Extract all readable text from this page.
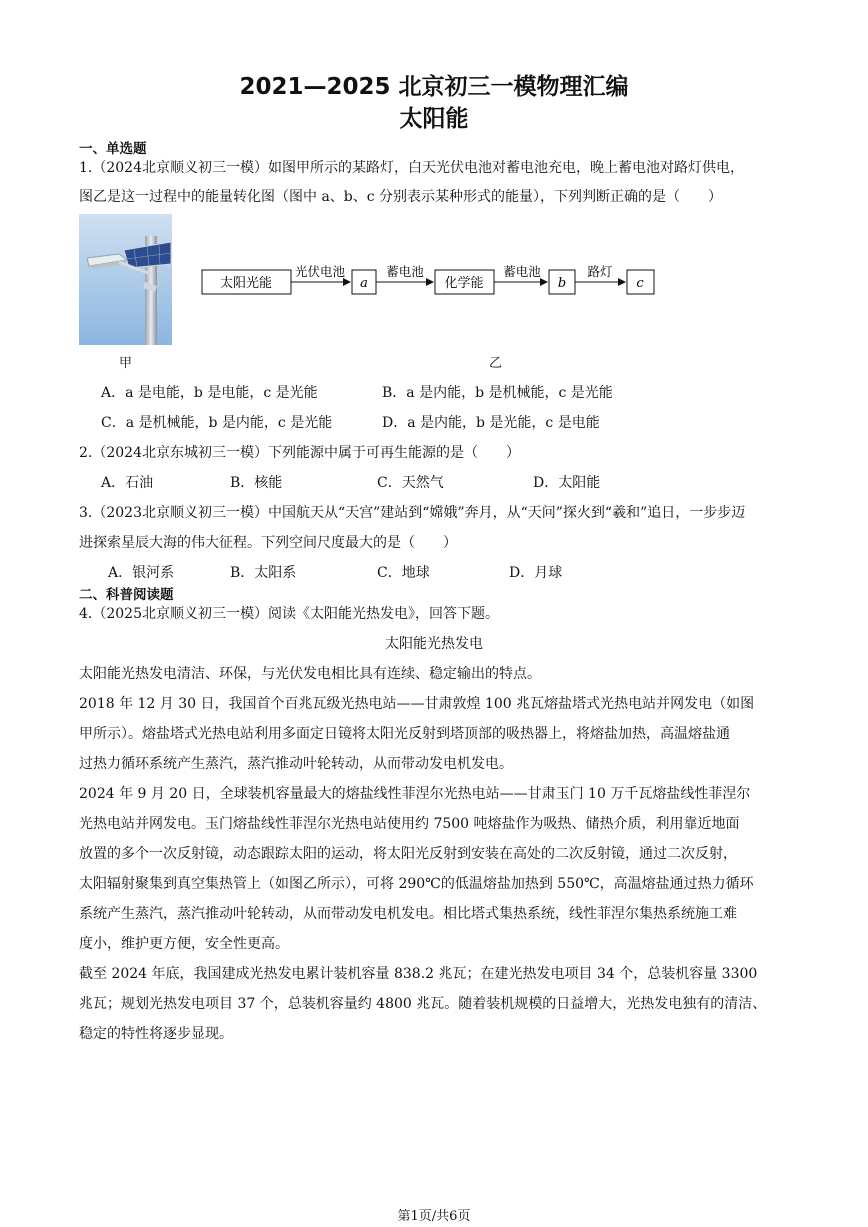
2021—2025 北京初三一模物理汇编
太阳能
一、单选题
1.（2024北京顺义初三一模）如图甲所示的某路灯，白天光伏电池对蓄电池充电，晚上蓄电池对路灯供电，
图乙是这一过程中的能量转化图（图中 a、b、c 分别表示某种形式的能量），下列判断正确的是（　　）
甲	乙
太阳光能
光伏电池
a
蓄电池
化学能
蓄电池
b
路灯
c
A．a 是电能，b 是电能，c 是光能	B．a 是内能，b 是机械能，c 是光能
C．a 是机械能，b 是内能，c 是光能	D．a 是内能，b 是光能，c 是电能
2.（2024北京东城初三一模）下列能源中属于可再生能源的是（　　）
A．石油	B．核能	C．天然气	D．太阳能
3.（2023北京顺义初三一模）中国航天从“天宫”建站到“嫦娥”奔月，从“天问”探火到“羲和”追日，一步步迈
进探索星辰大海的伟大征程。下列空间尺度最大的是（　　）
A．银河系	B．太阳系	C．地球	D．月球
二、科普阅读题
4.（2025北京顺义初三一模）阅读《太阳能光热发电》，回答下题。
太阳能光热发电
太阳能光热发电清洁、环保，与光伏发电相比具有连续、稳定输出的特点。
2018 年 12 月 30 日，我国首个百兆瓦级光热电站——甘肃敦煌 100 兆瓦熔盐塔式光热电站并网发电（如图
甲所示）。熔盐塔式光热电站利用多面定日镜将太阳光反射到塔顶部的吸热器上，将熔盐加热，高温熔盐通
过热力循环系统产生蒸汽，蒸汽推动叶轮转动，从而带动发电机发电。
2024 年 9 月 20 日，全球装机容量最大的熔盐线性菲涅尔光热电站——甘肃玉门 10 万千瓦熔盐线性菲涅尔
光热电站并网发电。玉门熔盐线性菲涅尔光热电站使用约 7500 吨熔盐作为吸热、储热介质，利用靠近地面
放置的多个一次反射镜，动态跟踪太阳的运动，将太阳光反射到安装在高处的二次反射镜，通过二次反射，
太阳辐射聚集到真空集热管上（如图乙所示），可将 290℃的低温熔盐加热到 550℃，高温熔盐通过热力循环
系统产生蒸汽，蒸汽推动叶轮转动，从而带动发电机发电。相比塔式集热系统，线性菲涅尔集热系统施工难
度小，维护更方便，安全性更高。
截至 2024 年底，我国建成光热发电累计装机容量 838.2 兆瓦；在建光热发电项目 34 个，总装机容量 3300
兆瓦；规划光热发电项目 37 个，总装机容量约 4800 兆瓦。随着装机规模的日益增大，光热发电独有的清洁、
稳定的特性将逐步显现。
第1页/共6页
